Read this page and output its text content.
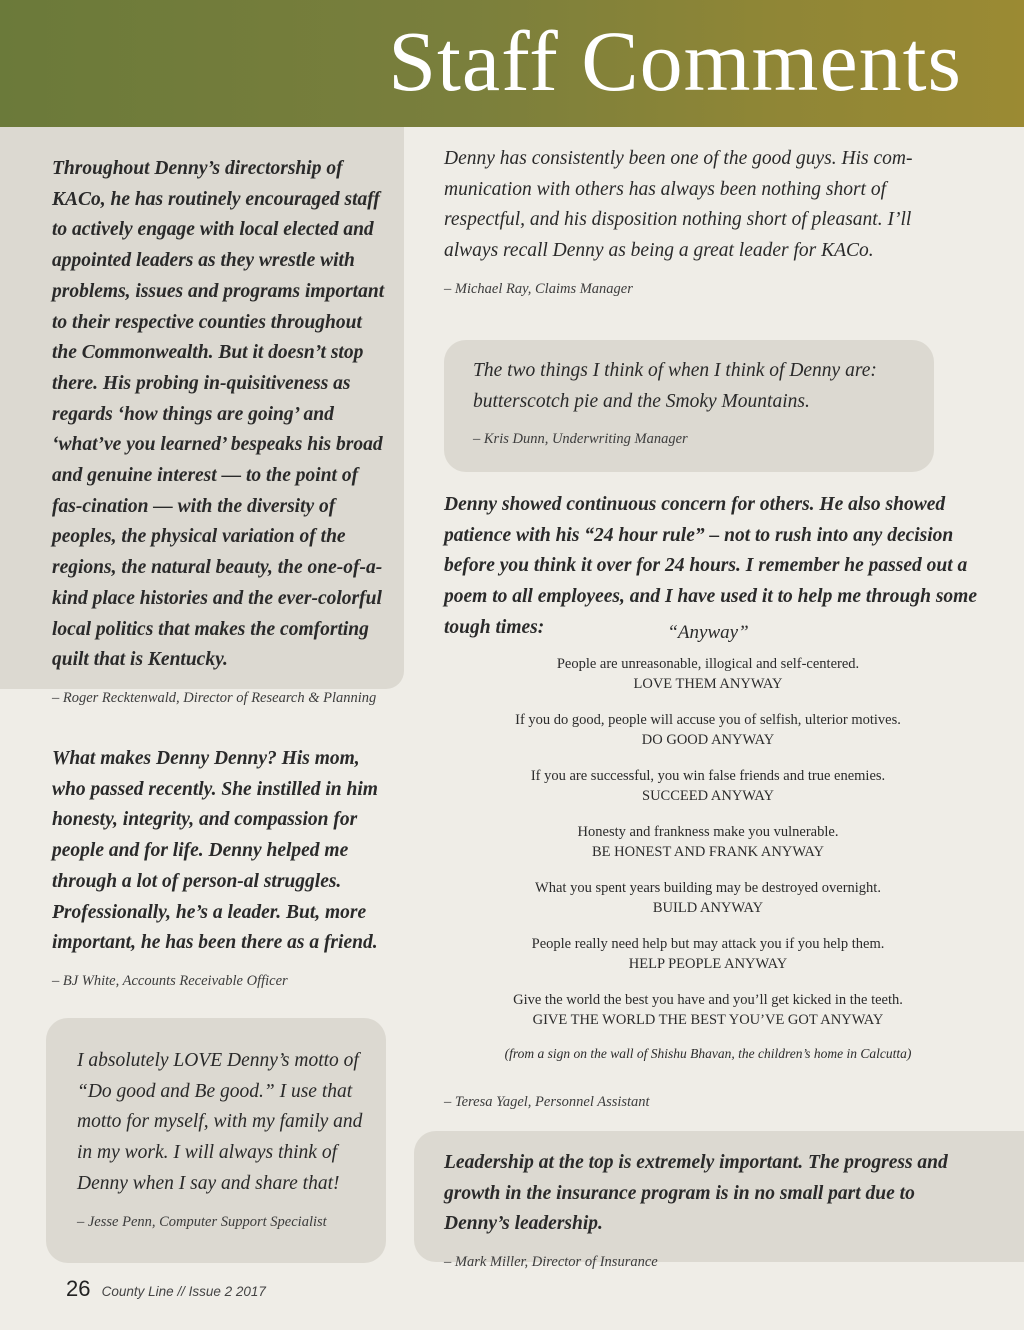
Staff Comments
Throughout Denny’s directorship of KACo, he has routinely encouraged staff to actively engage with local elected and appointed leaders as they wrestle with problems, issues and programs important to their respective counties throughout the Commonwealth. But it doesn’t stop there. His probing in-quisitiveness as regards ‘how things are going’ and ‘what’ve you learned’ bespeaks his broad and genuine interest — to the point of fas-cination — with the diversity of peoples, the physical variation of the regions, the natural beauty, the one-of-a-kind place histories and the ever-colorful local politics that makes the comforting quilt that is Kentucky.
– Roger Recktenwald, Director of Research & Planning
Denny has consistently been one of the good guys. His com-munication with others has always been nothing short of respectful, and his disposition nothing short of pleasant. I’ll always recall Denny as being a great leader for KACo.
– Michael Ray, Claims Manager
The two things I think of when I think of Denny are: butterscotch pie and the Smoky Mountains.
– Kris Dunn, Underwriting Manager
Denny showed continuous concern for others. He also showed patience with his “24 hour rule” – not to rush into any decision before you think it over for 24 hours. I remember he passed out a poem to all employees, and I have used it to help me through some tough times:	“Anyway”
People are unreasonable, illogical and self-centered.
LOVE THEM ANYWAY
If you do good, people will accuse you of selfish, ulterior motives.
DO GOOD ANYWAY
If you are successful, you win false friends and true enemies.
SUCCEED ANYWAY
Honesty and frankness make you vulnerable.
BE HONEST AND FRANK ANYWAY
What you spent years building may be destroyed overnight.
BUILD ANYWAY
People really need help but may attack you if you help them.
HELP PEOPLE ANYWAY
Give the world the best you have and you’ll get kicked in the teeth.
GIVE THE WORLD THE BEST YOU’VE GOT ANYWAY
(from a sign on the wall of Shishu Bhavan, the children’s home in Calcutta)
– Teresa Yagel, Personnel Assistant
What makes Denny Denny? His mom, who passed recently. She instilled in him honesty, integrity, and compassion for people and for life. Denny helped me through a lot of person-al struggles. Professionally, he’s a leader. But, more important, he has been there as a friend.
– BJ White, Accounts Receivable Officer
I absolutely LOVE Denny’s motto of “Do good and Be good.” I use that motto for myself, with my family and in my work. I will always think of Denny when I say and share that!
– Jesse Penn, Computer Support Specialist
Leadership at the top is extremely important. The progress and growth in the insurance program is in no small part due to Denny’s leadership.
– Mark Miller, Director of Insurance
26 County Line // Issue 2 2017
